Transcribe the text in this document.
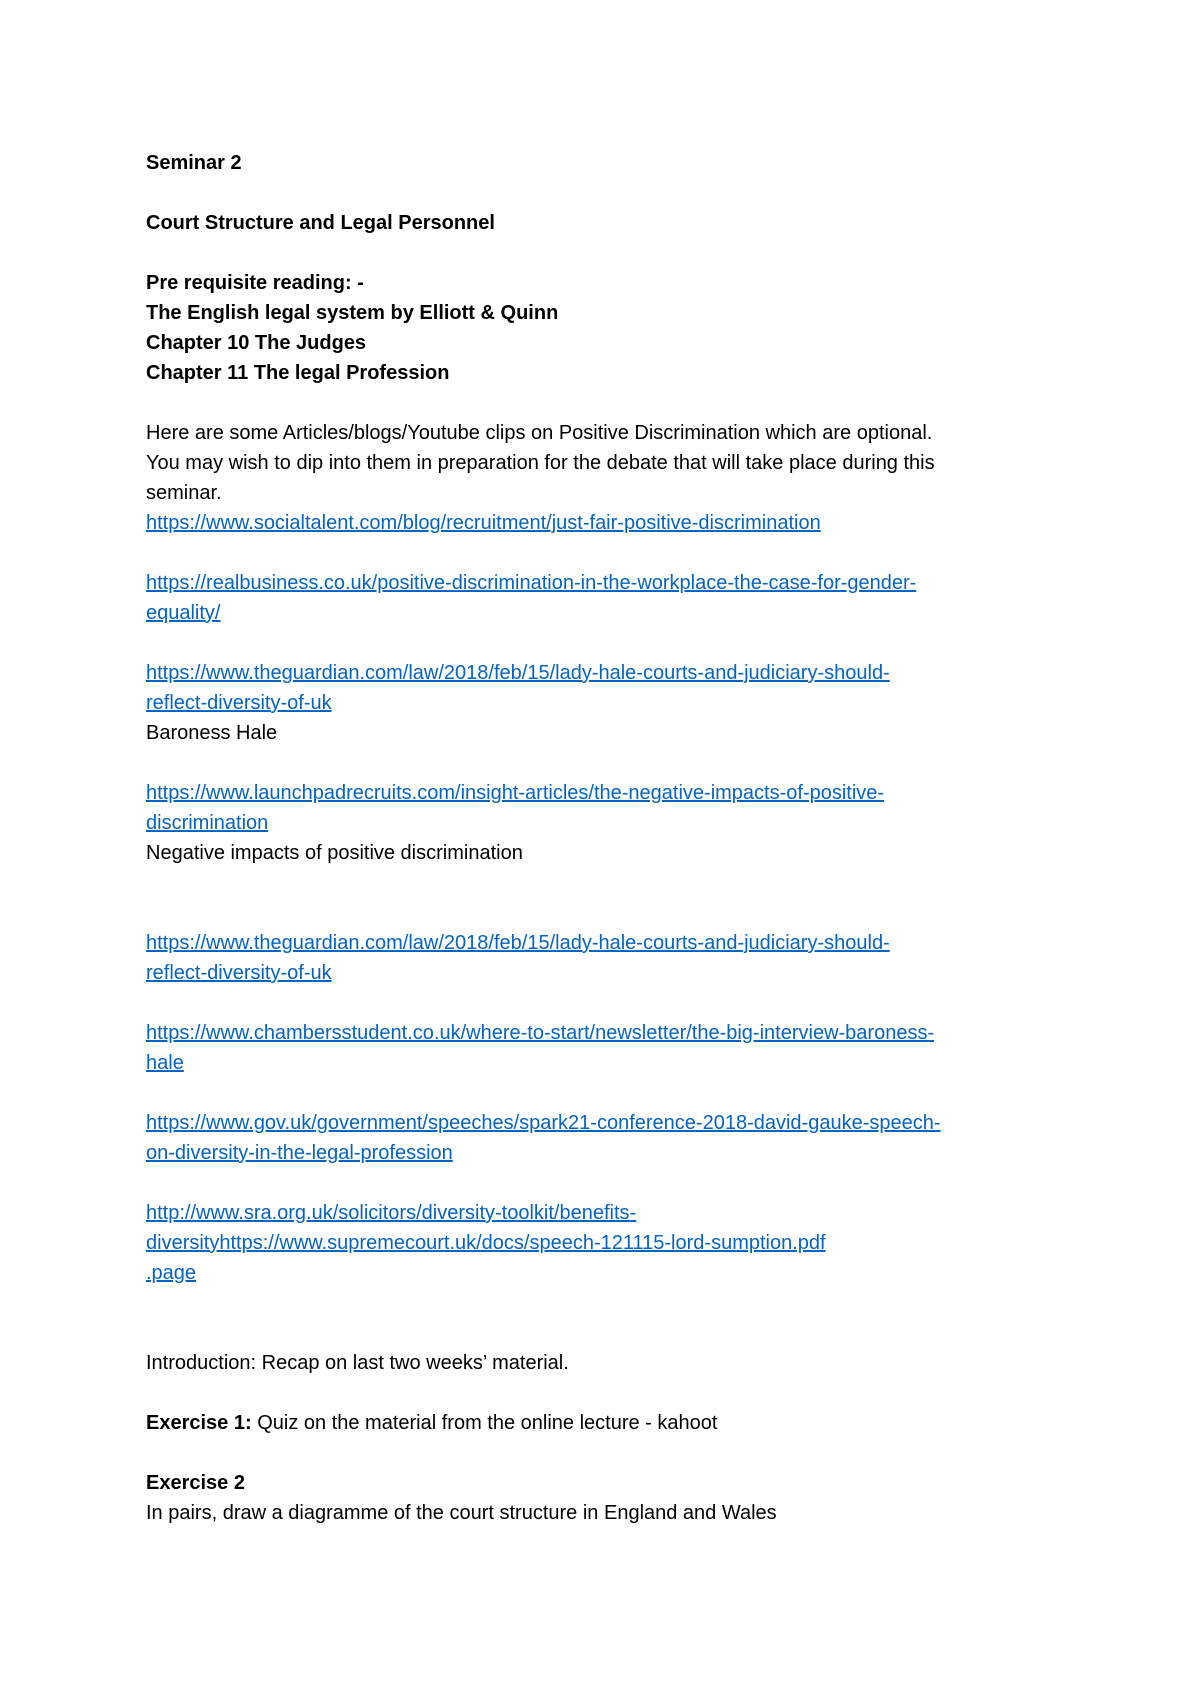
Seminar 2
Court Structure and Legal Personnel
Pre requisite reading: -
The English legal system by Elliott & Quinn
Chapter 10 The Judges
Chapter 11 The legal Profession
Here are some Articles/blogs/Youtube clips on Positive Discrimination which are optional.
You may wish to dip into them in preparation for the debate that will take place during this
seminar.
https://www.socialtalent.com/blog/recruitment/just-fair-positive-discrimination
https://realbusiness.co.uk/positive-discrimination-in-the-workplace-the-case-for-gender-
equality/
https://www.theguardian.com/law/2018/feb/15/lady-hale-courts-and-judiciary-should-
reflect-diversity-of-uk
Baroness Hale
https://www.launchpadrecruits.com/insight-articles/the-negative-impacts-of-positive-
discrimination
Negative impacts of positive discrimination
https://www.theguardian.com/law/2018/feb/15/lady-hale-courts-and-judiciary-should-
reflect-diversity-of-uk
https://www.chambersstudent.co.uk/where-to-start/newsletter/the-big-interview-baroness-
hale
https://www.gov.uk/government/speeches/spark21-conference-2018-david-gauke-speech-
on-diversity-in-the-legal-profession
http://www.sra.org.uk/solicitors/diversity-toolkit/benefits-
diversityhttps://www.supremecourt.uk/docs/speech-121115-lord-sumption.pdf
.page
Introduction: Recap on last two weeks’ material.
Exercise 1: Quiz on the material from the online lecture - kahoot
Exercise 2
In pairs, draw a diagramme of the court structure in England and Wales
